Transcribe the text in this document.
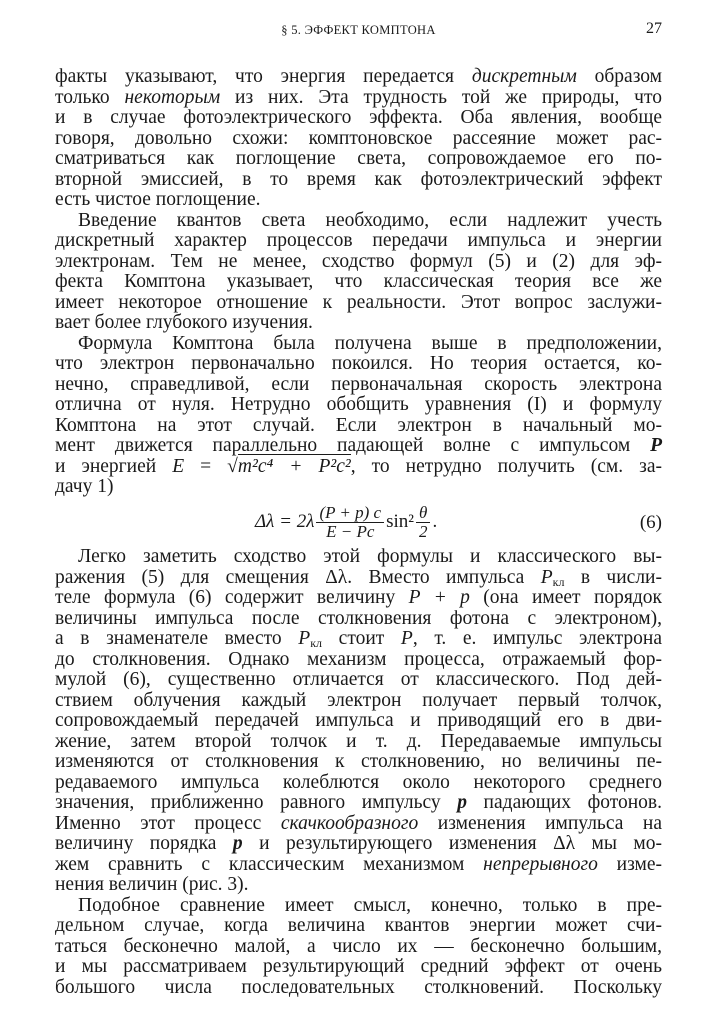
§ 5. ЭФФЕКТ КОМПТОНА	27
факты указывают, что энергия передается дискретным образом
только некоторым из них. Эта трудность той же природы, что
и в случае фотоэлектрического эффекта. Оба явления, вообще
говоря, довольно схожи: комптоновское рассеяние может рас-
сматриваться как поглощение света, сопровождаемое его по-
вторной эмиссией, в то время как фотоэлектрический эффект
есть чистое поглощение.
Введение квантов света необходимо, если надлежит учесть
дискретный характер процессов передачи импульса и энергии
электронам. Тем не менее, сходство формул (5) и (2) для эф-
фекта Комптона указывает, что классическая теория все же
имеет некоторое отношение к реальности. Этот вопрос заслужи-
вает более глубокого изучения.
Формула Комптона была получена выше в предположении,
что электрон первоначально покоился. Но теория остается, ко-
нечно, справедливой, если первоначальная скорость электрона
отлична от нуля. Нетрудно обобщить уравнения (I) и формулу
Комптона на этот случай. Если электрон в начальный мо-
мент движется параллельно падающей волне с импульсом P
и энергией E = √m²c⁴ + P²c², то нетрудно получить (см. за-
дачу 1)
$\Delta\lambda = 2\lambda \frac{(P + p) c}{E - Pc} \sin^2 \frac{\theta}{2}$ .	(6)
Легко заметить сходство этой формулы и классического вы-
ражения (5) для смещения Δλ. Вместо импульса $P_{кл}$ в числи-
теле формула (6) содержит величину P + p (она имеет порядок
величины импульса после столкновения фотона с электроном),
а в знаменателе вместо $P_{кл}$ стоит P, т. е. импульс электрона
до столкновения. Однако механизм процесса, отражаемый фор-
мулой (6), существенно отличается от классического. Под дей-
ствием облучения каждый электрон получает первый толчок,
сопровождаемый передачей импульса и приводящий его в дви-
жение, затем второй толчок и т. д. Передаваемые импульсы
изменяются от столкновения к столкновению, но величины пе-
редаваемого импульса колеблются около некоторого среднего
значения, приближенно равного импульсу p падающих фотонов.
Именно этот процесс скачкообразного изменения импульса на
величину порядка p и результирующего изменения Δλ мы мо-
жем сравнить с классическим механизмом непрерывного изме-
нения величин (рис. 3).
Подобное сравнение имеет смысл, конечно, только в пре-
дельном случае, когда величина квантов энергии может счи-
таться бесконечно малой, а число их — бесконечно большим,
и мы рассматриваем результирующий средний эффект от очень
большого числа последовательных столкновений. Поскольку
